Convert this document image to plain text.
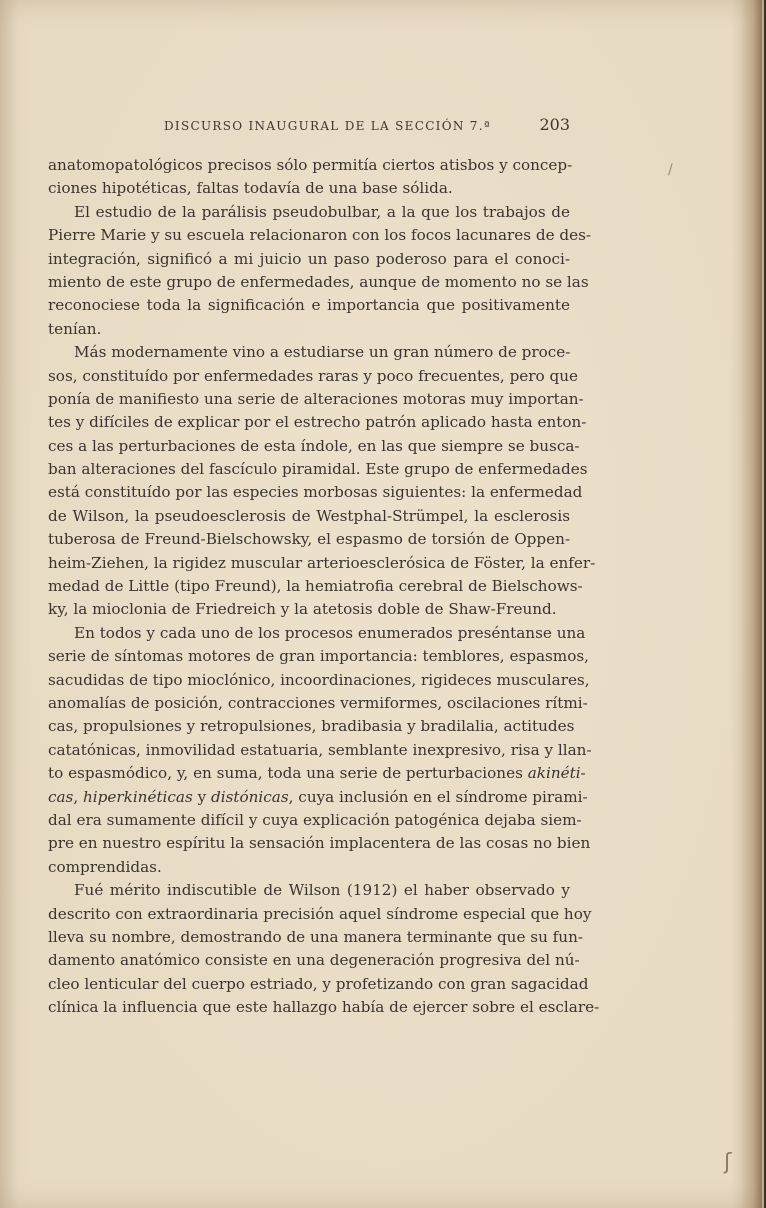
DISCURSO INAUGURAL DE LA SECCIÓN 7.ª	203
anatomopatológicos precisos sólo permitía ciertos atisbos y concep-
ciones hipotéticas, faltas todavía de una base sólida.
El estudio de la parálisis pseudobulbar, a la que los trabajos de
Pierre Marie y su escuela relacionaron con los focos lacunares de des-
integración, significó a mi juicio un paso poderoso para el conoci-
miento de este grupo de enfermedades, aunque de momento no se las
reconociese toda la significación e importancia que positivamente
tenían.
Más modernamente vino a estudiarse un gran número de proce-
sos, constituído por enfermedades raras y poco frecuentes, pero que
ponía de manifiesto una serie de alteraciones motoras muy importan-
tes y difíciles de explicar por el estrecho patrón aplicado hasta enton-
ces a las perturbaciones de esta índole, en las que siempre se busca-
ban alteraciones del fascículo piramidal. Este grupo de enfermedades
está constituído por las especies morbosas siguientes: la enfermedad
de Wilson, la pseudoesclerosis de Westphal-Strümpel, la esclerosis
tuberosa de Freund-Bielschowsky, el espasmo de torsión de Oppen-
heim-Ziehen, la rigidez muscular arterioesclerósica de Föster, la enfer-
medad de Little (tipo Freund), la hemiatrofia cerebral de Bielschows-
ky, la mioclonia de Friedreich y la atetosis doble de Shaw-Freund.
En todos y cada uno de los procesos enumerados preséntanse una
serie de síntomas motores de gran importancia: temblores, espasmos,
sacudidas de tipo mioclónico, incoordinaciones, rigideces musculares,
anomalías de posición, contracciones vermiformes, oscilaciones rítmi-
cas, propulsiones y retropulsiones, bradibasia y bradilalia, actitudes
catatónicas, inmovilidad estatuaria, semblante inexpresivo, risa y llan-
to espasmódico, y, en suma, toda una serie de perturbaciones akinéti-
cas, hiperkinéticas y distónicas, cuya inclusión en el síndrome pirami-
dal era sumamente difícil y cuya explicación patogénica dejaba siem-
pre en nuestro espíritu la sensación implacentera de las cosas no bien
comprendidas.
Fué mérito indiscutible de Wilson (1912) el haber observado y
descrito con extraordinaria precisión aquel síndrome especial que hoy
lleva su nombre, demostrando de una manera terminante que su fun-
damento anatómico consiste en una degeneración progresiva del nú-
cleo lenticular del cuerpo estriado, y profetizando con gran sagacidad
clínica la influencia que este hallazgo había de ejercer sobre el esclare-
/
ʃ
